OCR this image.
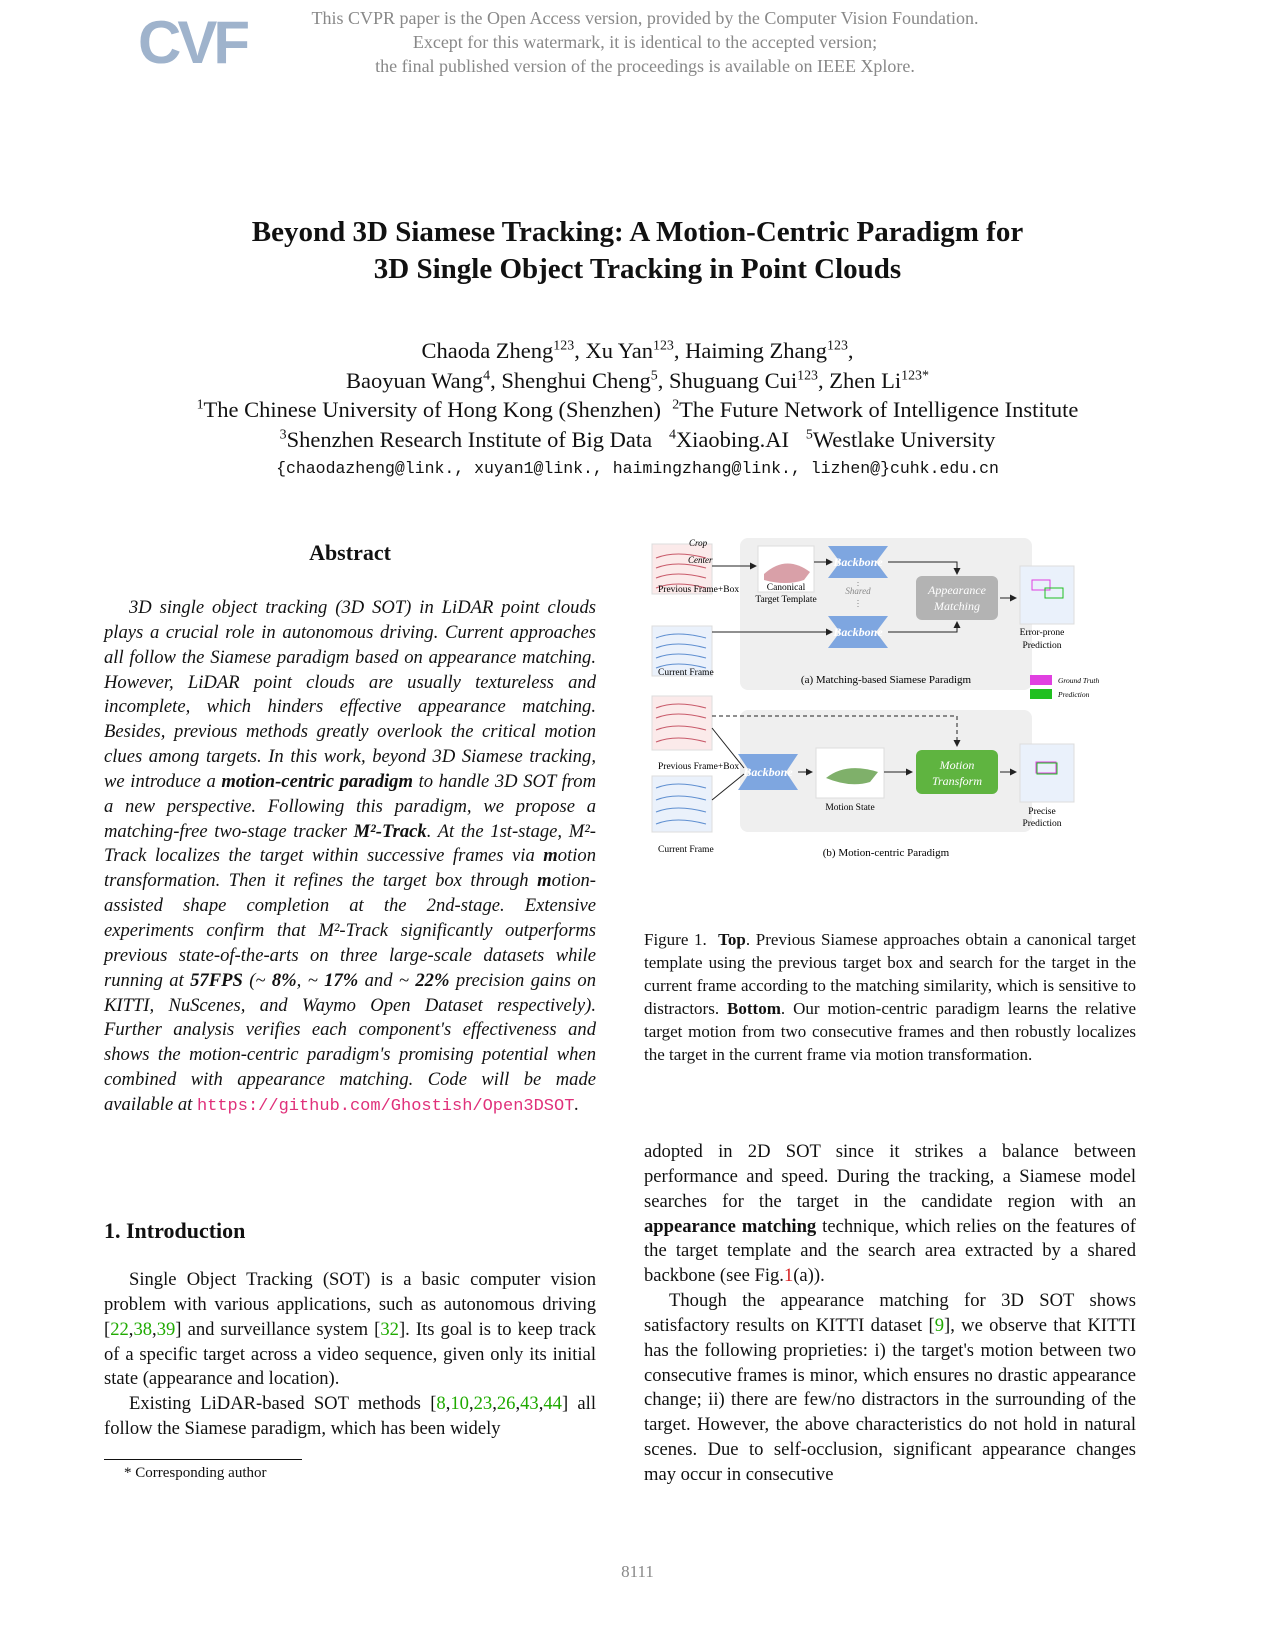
CVF	This CVPR paper is the Open Access version, provided by the Computer Vision Foundation.
Except for this watermark, it is identical to the accepted version;
the final published version of the proceedings is available on IEEE Xplore.
Beyond 3D Siamese Tracking: A Motion-Centric Paradigm for
3D Single Object Tracking in Point Clouds
Chaoda Zheng$^{123}$, Xu Yan$^{123}$, Haiming Zhang$^{123}$,
Baoyuan Wang$^4$, Shenghui Cheng$^5$, Shuguang Cui$^{123}$, Zhen $Li^{123*}$
$^1$The Chinese University of Hong Kong (Shenzhen) $^2$The Future Network of Intelligence Institute
$^3$Shenzhen Research Institute of Big Data $^4$Xiaobing.AI $^5$Westlake University
{chaodazheng@link., xuyan1@link., haimingzhang@link., lizhen@}cuhk.edu.cn
Abstract
3D single object tracking (3D SOT) in LiDAR point clouds plays a crucial role in autonomous driving. Current approaches all follow the Siamese paradigm based on appearance matching. However, LiDAR point clouds are usually textureless and incomplete, which hinders effective appearance matching. Besides, previous methods greatly overlook the critical motion clues among targets. In this work, beyond 3D Siamese tracking, we introduce a motion-centric paradigm to handle 3D SOT from a new perspective. Following this paradigm, we propose a matching-free two-stage tracker M²-Track. At the 1st-stage, M²-Track localizes the target within successive frames via motion transformation. Then it refines the target box through motion-assisted shape completion at the 2nd-stage. Extensive experiments confirm that M²-Track significantly outperforms previous state-of-the-arts on three large-scale datasets while running at 57FPS (~ 8%, ~ 17% and ~ 22% precision gains on KITTI, NuScenes, and Waymo Open Dataset respectively). Further analysis verifies each component's effectiveness and shows the motion-centric paradigm's promising potential when combined with appearance matching. Code will be made available at https://github.com/Ghostish/Open3DSOT.
1. Introduction

Single Object Tracking (SOT) is a basic computer vision problem with various applications, such as autonomous driving [22,38,39] and surveillance system [32]. Its goal is to keep track of a specific target across a video sequence, given only its initial state (appearance and location).

Existing LiDAR-based SOT methods [8,10,23,26,43,44] all follow the Siamese paradigm, which has been widely

* Corresponding author
Backbone
Backbone
Shared	Appearance
Matching
Crop
Center
Previous Frame+Box	Canonical
Target Template
Current Frame
Error-prone
Prediction
(a) Matching-based Siamese Paradigm	Ground Truth
Prediction
Backbone	Motion
Transform
Previous Frame+Box
Motion State	Precise
Prediction
Current Frame	(b) Motion-centric Paradigm
Figure 1. Top. Previous Siamese approaches obtain a canonical target template using the previous target box and search for the target in the current frame according to the matching similarity, which is sensitive to distractors. Bottom. Our motion-centric paradigm learns the relative target motion from two consecutive frames and then robustly localizes the target in the current frame via motion transformation.

adopted in 2D SOT since it strikes a balance between performance and speed. During the tracking, a Siamese model searches for the target in the candidate region with an appearance matching technique, which relies on the features of the target template and the search area extracted by a shared backbone (see Fig.1(a)).

Though the appearance matching for 3D SOT shows satisfactory results on KITTI dataset [9], we observe that KITTI has the following proprieties: i) the target's motion between two consecutive frames is minor, which ensures no drastic appearance change; ii) there are few/no distractors in the surrounding of the target. However, the above characteristics do not hold in natural scenes. Due to self-occlusion, significant appearance changes may occur in consecutive

8111
